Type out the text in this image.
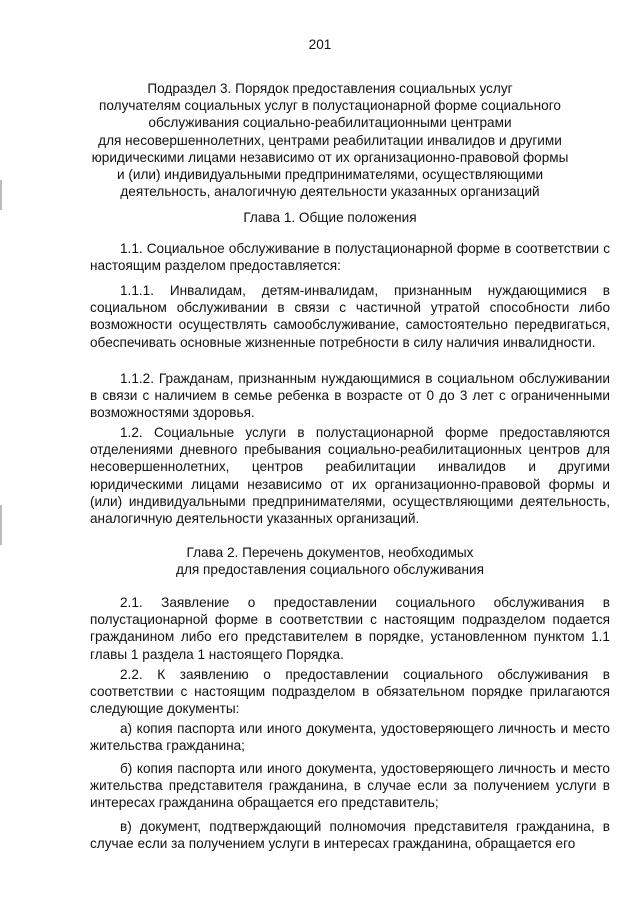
201
Подраздел 3. Порядок предоставления социальных услуг
получателям социальных услуг в полустационарной форме социального
обслуживания социально-реабилитационными центрами
для несовершеннолетних, центрами реабилитации инвалидов и другими
юридическими лицами независимо от их организационно-правовой формы
и (или) индивидуальными предпринимателями, осуществляющими
деятельность, аналогичную деятельности указанных организаций
Глава 1. Общие положения
1.1. Социальное обслуживание в полустационарной форме в соответствии с настоящим разделом предоставляется:
1.1.1. Инвалидам, детям-инвалидам, признанным нуждающимися в социальном обслуживании в связи с частичной утратой способности либо возможности осуществлять самообслуживание, самостоятельно передвигаться, обеспечивать основные жизненные потребности в силу наличия инвалидности.
1.1.2. Гражданам, признанным нуждающимися в социальном обслуживании в связи с наличием в семье ребенка в возрасте от 0 до 3 лет с ограниченными возможностями здоровья.
1.2. Социальные услуги в полустационарной форме предоставляются отделениями дневного пребывания социально-реабилитационных центров для несовершеннолетних, центров реабилитации инвалидов и другими юридическими лицами независимо от их организационно-правовой формы и (или) индивидуальными предпринимателями, осуществляющими деятельность, аналогичную деятельности указанных организаций.
Глава 2. Перечень документов, необходимых
для предоставления социального обслуживания
2.1. Заявление о предоставлении социального обслуживания в полустационарной форме в соответствии с настоящим подразделом подается гражданином либо его представителем в порядке, установленном пунктом 1.1 главы 1 раздела 1 настоящего Порядка.
2.2. К заявлению о предоставлении социального обслуживания в соответствии с настоящим подразделом в обязательном порядке прилагаются следующие документы:
а) копия паспорта или иного документа, удостоверяющего личность и место жительства гражданина;
б) копия паспорта или иного документа, удостоверяющего личность и место жительства представителя гражданина, в случае если за получением услуги в интересах гражданина обращается его представитель;
в) документ, подтверждающий полномочия представителя гражданина, в случае если за получением услуги в интересах гражданина, обращается его
